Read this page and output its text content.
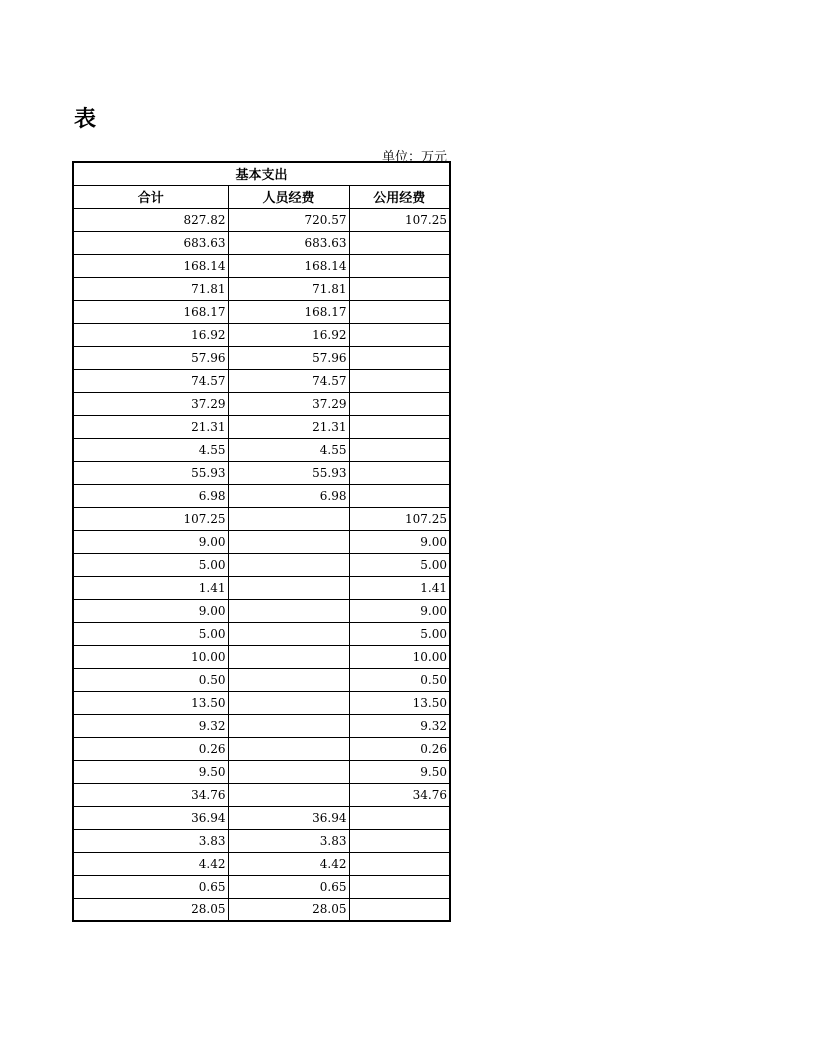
表
单位：万元
基本支出		
合计	人员经费	公用经费
827.82	720.57	107.25
683.63	683.63	
168.14	168.14	
71.81	71.81	
168.17	168.17	
16.92	16.92	
57.96	57.96	
74.57	74.57	
37.29	37.29	
21.31	21.31	
4.55	4.55	
55.93	55.93	
6.98	6.98	
107.25		107.25
9.00		9.00
5.00		5.00
1.41		1.41
9.00		9.00
5.00		5.00
10.00		10.00
0.50		0.50
13.50		13.50
9.32		9.32
0.26		0.26
9.50		9.50
34.76		34.76
36.94	36.94	
3.83	3.83	
4.42	4.42	
0.65	0.65	
28.05	28.05	
